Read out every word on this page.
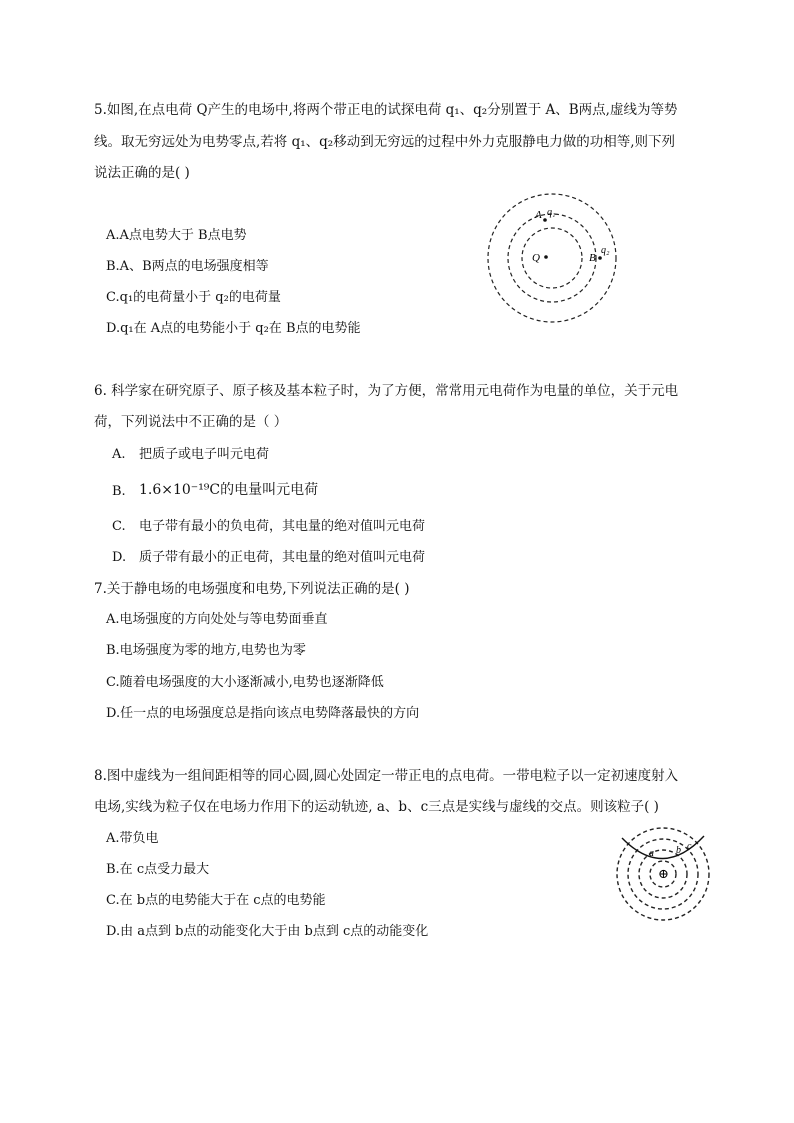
5.如图,在点电荷 Q产生的电场中,将两个带正电的试探电荷 q₁、q₂分别置于 A、B两点,虚线为等势
线。取无穷远处为电势零点,若将 q₁、q₂移动到无穷远的过程中外力克服静电力做的功相等,则下列
说法正确的是( )
A.A点电势大于 B点电势
B.A、B两点的电场强度相等
C.q₁的电荷量小于 q₂的电荷量
D.q₁在 A点的电势能小于 q₂在 B点的电势能
A q₁
Q	B
q₂
6. 科学家在研究原子、原子核及基本粒子时，为了方便，常常用元电荷作为电量的单位，关于元电
荷，下列说法中不正确的是（ ）
A. 把质子或电子叫元电荷
B. 1.6×10⁻¹⁹C的电量叫元电荷
C. 电子带有最小的负电荷，其电量的绝对值叫元电荷
D. 质子带有最小的正电荷，其电量的绝对值叫元电荷
7.关于静电场的电场强度和电势,下列说法正确的是( )
A.电场强度的方向处处与等电势面垂直
B.电场强度为零的地方,电势也为零
C.随着电场强度的大小逐渐减小,电势也逐渐降低
D.任一点的电场强度总是指向该点电势降落最快的方向
8.图中虚线为一组间距相等的同心圆,圆心处固定一带正电的点电荷。一带电粒子以一定初速度射入
电场,实线为粒子仅在电场力作用下的运动轨迹, a、b、c三点是实线与虚线的交点。则该粒子( )
A.带负电
B.在 c点受力最大
C.在 b点的电势能大于在 c点的电势能
D.由 a点到 b点的动能变化大于由 b点到 c点的动能变化
⊕
a b c
